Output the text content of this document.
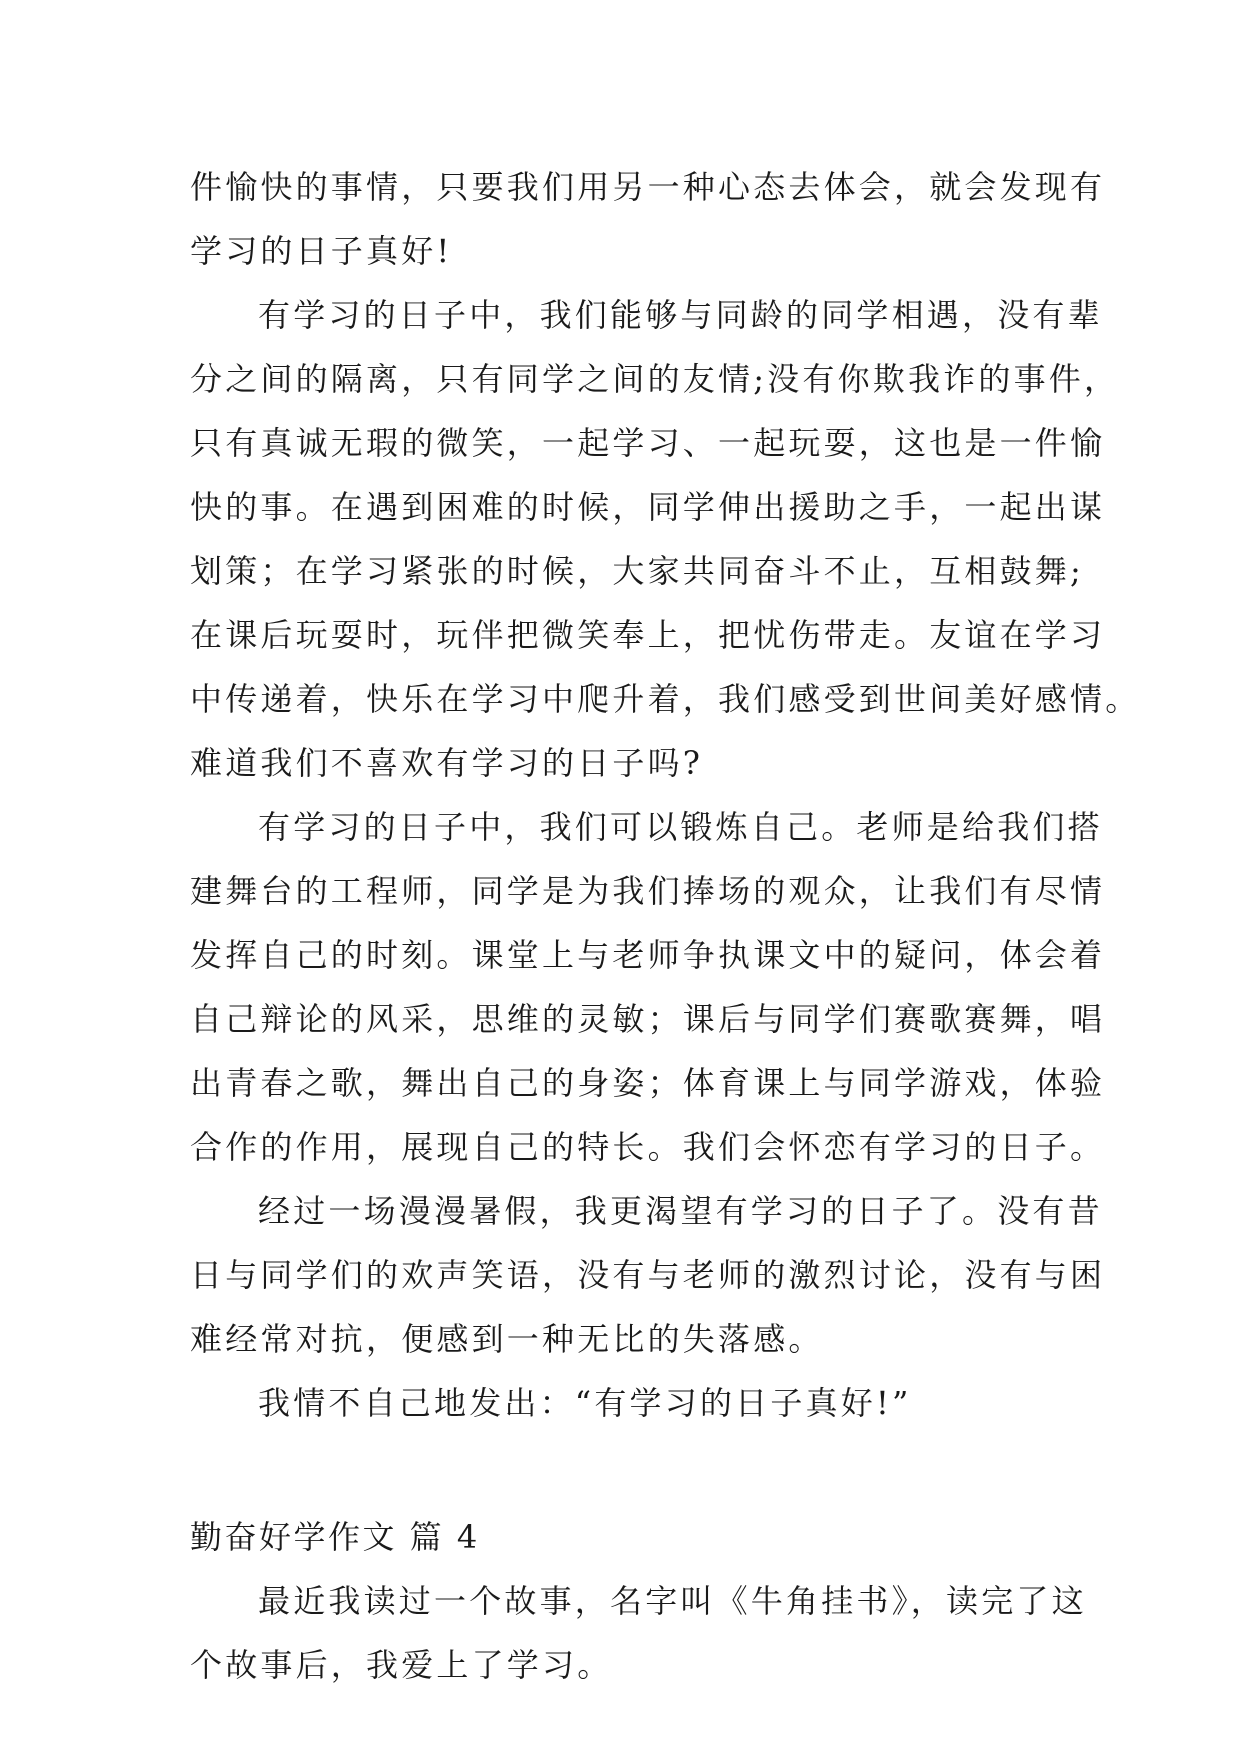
件愉快的事情，只要我们用另一种心态去体会，就会发现有
学习的日子真好!
有学习的日子中，我们能够与同龄的同学相遇，没有辈
分之间的隔离，只有同学之间的友情;没有你欺我诈的事件，
只有真诚无瑕的微笑，一起学习、一起玩耍，这也是一件愉
快的事。在遇到困难的时候，同学伸出援助之手，一起出谋
划策；在学习紧张的时候，大家共同奋斗不止，互相鼓舞;
在课后玩耍时，玩伴把微笑奉上，把忧伤带走。友谊在学习
中传递着，快乐在学习中爬升着，我们感受到世间美好感情。
难道我们不喜欢有学习的日子吗?
有学习的日子中，我们可以锻炼自己。老师是给我们搭
建舞台的工程师，同学是为我们捧场的观众，让我们有尽情
发挥自己的时刻。课堂上与老师争执课文中的疑问，体会着
自己辩论的风采，思维的灵敏；课后与同学们赛歌赛舞，唱
出青春之歌，舞出自己的身姿；体育课上与同学游戏，体验
合作的作用，展现自己的特长。我们会怀恋有学习的日子。
经过一场漫漫暑假，我更渴望有学习的日子了。没有昔
日与同学们的欢声笑语，没有与老师的激烈讨论，没有与困
难经常对抗，便感到一种无比的失落感。
我情不自己地发出：“有学习的日子真好!”
勤奋好学作文 篇 4
最近我读过一个故事，名字叫《牛角挂书》，读完了这
个故事后，我爱上了学习。
